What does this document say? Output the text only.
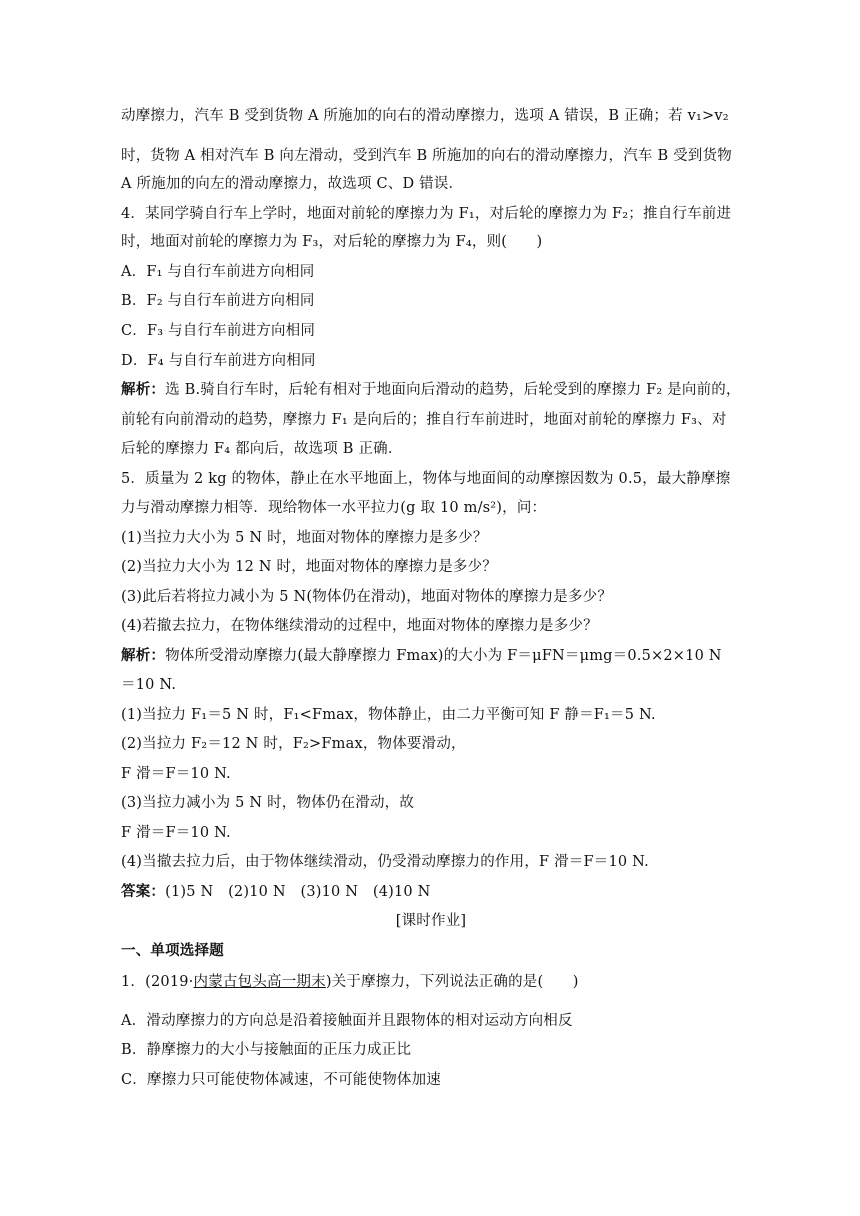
动摩擦力，汽车 B 受到货物 A 所施加的向右的滑动摩擦力，选项 A 错误，B 正确；若 v₁>v₂
时，货物 A 相对汽车 B 向左滑动，受到汽车 B 所施加的向右的滑动摩擦力，汽车 B 受到货物
A 所施加的向左的滑动摩擦力，故选项 C、D 错误．
4．某同学骑自行车上学时，地面对前轮的摩擦力为 F₁，对后轮的摩擦力为 F₂；推自行车前进
时，地面对前轮的摩擦力为 F₃，对后轮的摩擦力为 F₄，则(　　)
A．F₁ 与自行车前进方向相同
B．F₂ 与自行车前进方向相同
C．F₃ 与自行车前进方向相同
D．F₄ 与自行车前进方向相同
解析：选 B.骑自行车时，后轮有相对于地面向后滑动的趋势，后轮受到的摩擦力 F₂ 是向前的，
前轮有向前滑动的趋势，摩擦力 F₁ 是向后的；推自行车前进时，地面对前轮的摩擦力 F₃、对
后轮的摩擦力 F₄ 都向后，故选项 B 正确．
5．质量为 2 kg 的物体，静止在水平地面上，物体与地面间的动摩擦因数为 0.5，最大静摩擦
力与滑动摩擦力相等．现给物体一水平拉力(g 取 10 m/s²)，问：
(1)当拉力大小为 5 N 时，地面对物体的摩擦力是多少？
(2)当拉力大小为 12 N 时，地面对物体的摩擦力是多少？
(3)此后若将拉力减小为 5 N(物体仍在滑动)，地面对物体的摩擦力是多少？
(4)若撤去拉力，在物体继续滑动的过程中，地面对物体的摩擦力是多少？
解析：物体所受滑动摩擦力(最大静摩擦力 Fmax)的大小为 F＝μFN＝μmg＝0.5×2×10 N
＝10 N.
(1)当拉力 F₁＝5 N 时，F₁<Fmax，物体静止，由二力平衡可知 F 静＝F₁＝5 N.
(2)当拉力 F₂＝12 N 时，F₂>Fmax，物体要滑动，
F 滑＝F＝10 N.
(3)当拉力减小为 5 N 时，物体仍在滑动，故
F 滑＝F＝10 N.
(4)当撤去拉力后，由于物体继续滑动，仍受滑动摩擦力的作用，F 滑＝F＝10 N.
答案：(1)5 N　(2)10 N　(3)10 N　(4)10 N
[课时作业]
一、单项选择题
1．(2019·内蒙古包头高一期末)关于摩擦力，下列说法正确的是(　　)
A．滑动摩擦力的方向总是沿着接触面并且跟物体的相对运动方向相反
B．静摩擦力的大小与接触面的正压力成正比
C．摩擦力只可能使物体减速，不可能使物体加速
